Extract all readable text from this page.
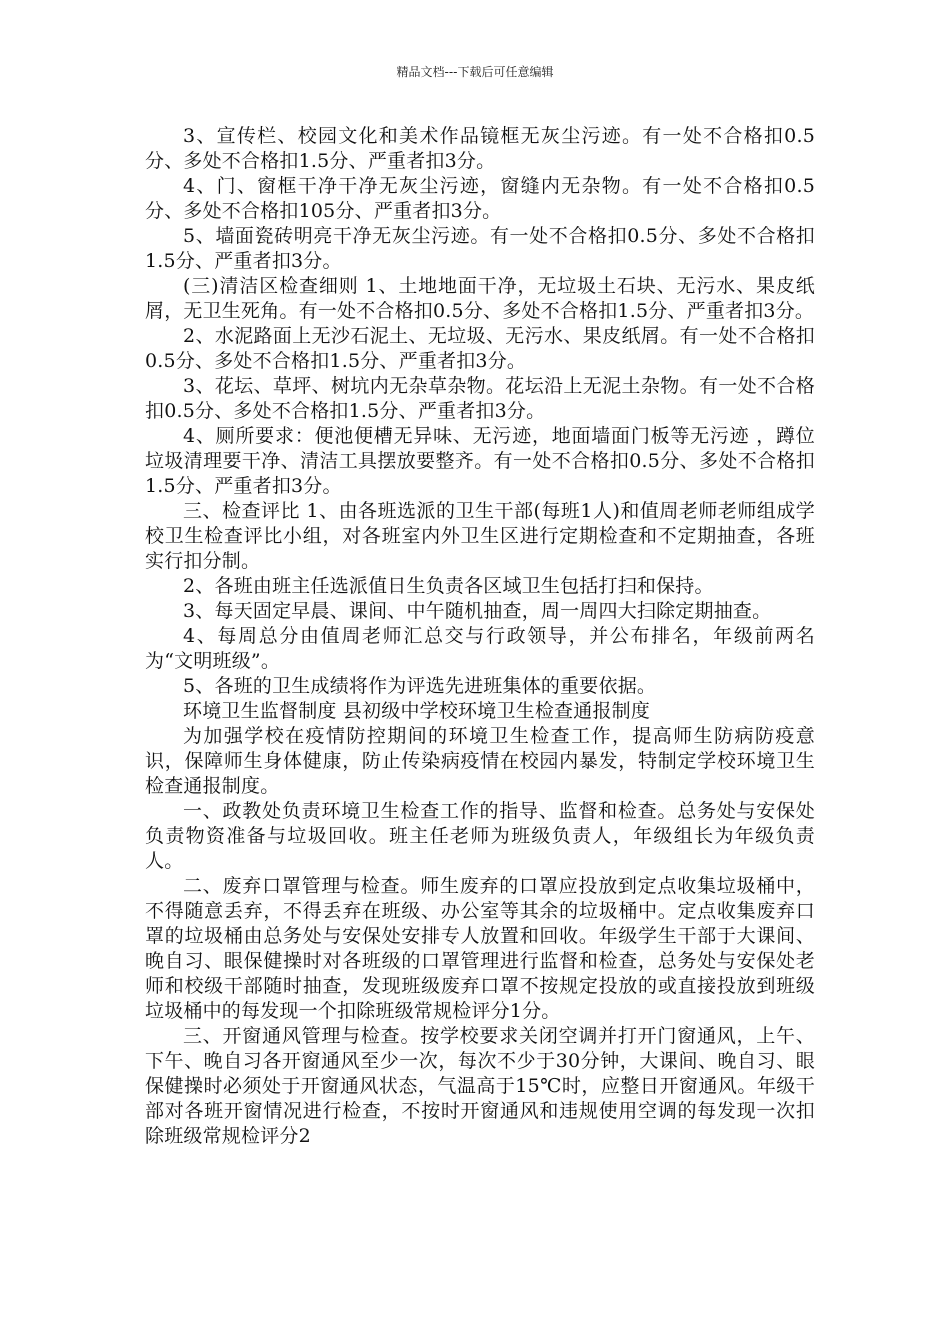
精品文档---下载后可任意编辑

3、宣传栏、校园文化和美术作品镜框无灰尘污迹。有一处不合格扣0.5分、多处不合格扣1.5分、严重者扣3分。

4、门、窗框干净干净无灰尘污迹，窗缝内无杂物。有一处不合格扣0.5分、多处不合格扣105分、严重者扣3分。

5、墙面瓷砖明亮干净无灰尘污迹。有一处不合格扣0.5分、多处不合格扣1.5分、严重者扣3分。

(三)清洁区检查细则 1、土地地面干净，无垃圾土石块、无污水、果皮纸屑，无卫生死角。有一处不合格扣0.5分、多处不合格扣1.5分、严重者扣3分。

2、水泥路面上无沙石泥土、无垃圾、无污水、果皮纸屑。有一处不合格扣0.5分、多处不合格扣1.5分、严重者扣3分。

3、花坛、草坪、树坑内无杂草杂物。花坛沿上无泥土杂物。有一处不合格扣0.5分、多处不合格扣1.5分、严重者扣3分。

4、厕所要求：便池便槽无异味、无污迹，地面墙面门板等无污迹 ，蹲位垃圾清理要干净、清洁工具摆放要整齐。有一处不合格扣0.5分、多处不合格扣1.5分、严重者扣3分。

三、检查评比 1、由各班选派的卫生干部(每班1人)和值周老师老师组成学校卫生检查评比小组，对各班室内外卫生区进行定期检查和不定期抽查，各班实行扣分制。

2、各班由班主任选派值日生负责各区域卫生包括打扫和保持。

3、每天固定早晨、课间、中午随机抽查，周一周四大扫除定期抽查。

4、每周总分由值周老师汇总交与行政领导，并公布排名，年级前两名为“文明班级”。

5、各班的卫生成绩将作为评选先进班集体的重要依据。

环境卫生监督制度 县初级中学校环境卫生检查通报制度

为加强学校在疫情防控期间的环境卫生检查工作，提高师生防病防疫意识，保障师生身体健康，防止传染病疫情在校园内暴发，特制定学校环境卫生检查通报制度。

一、政教处负责环境卫生检查工作的指导、监督和检查。总务处与安保处负责物资准备与垃圾回收。班主任老师为班级负责人，年级组长为年级负责人。

二、废弃口罩管理与检查。师生废弃的口罩应投放到定点收集垃圾桶中，不得随意丢弃，不得丢弃在班级、办公室等其余的垃圾桶中。定点收集废弃口罩的垃圾桶由总务处与安保处安排专人放置和回收。年级学生干部于大课间、晚自习、眼保健操时对各班级的口罩管理进行监督和检查，总务处与安保处老师和校级干部随时抽查，发现班级废弃口罩不按规定投放的或直接投放到班级垃圾桶中的每发现一个扣除班级常规检评分1分。

三、开窗通风管理与检查。按学校要求关闭空调并打开门窗通风，上午、下午、晚自习各开窗通风至少一次，每次不少于30分钟，大课间、晚自习、眼保健操时必须处于开窗通风状态，气温高于15℃时，应整日开窗通风。年级干部对各班开窗情况进行检查，不按时开窗通风和违规使用空调的每发现一次扣除班级常规检评分2
